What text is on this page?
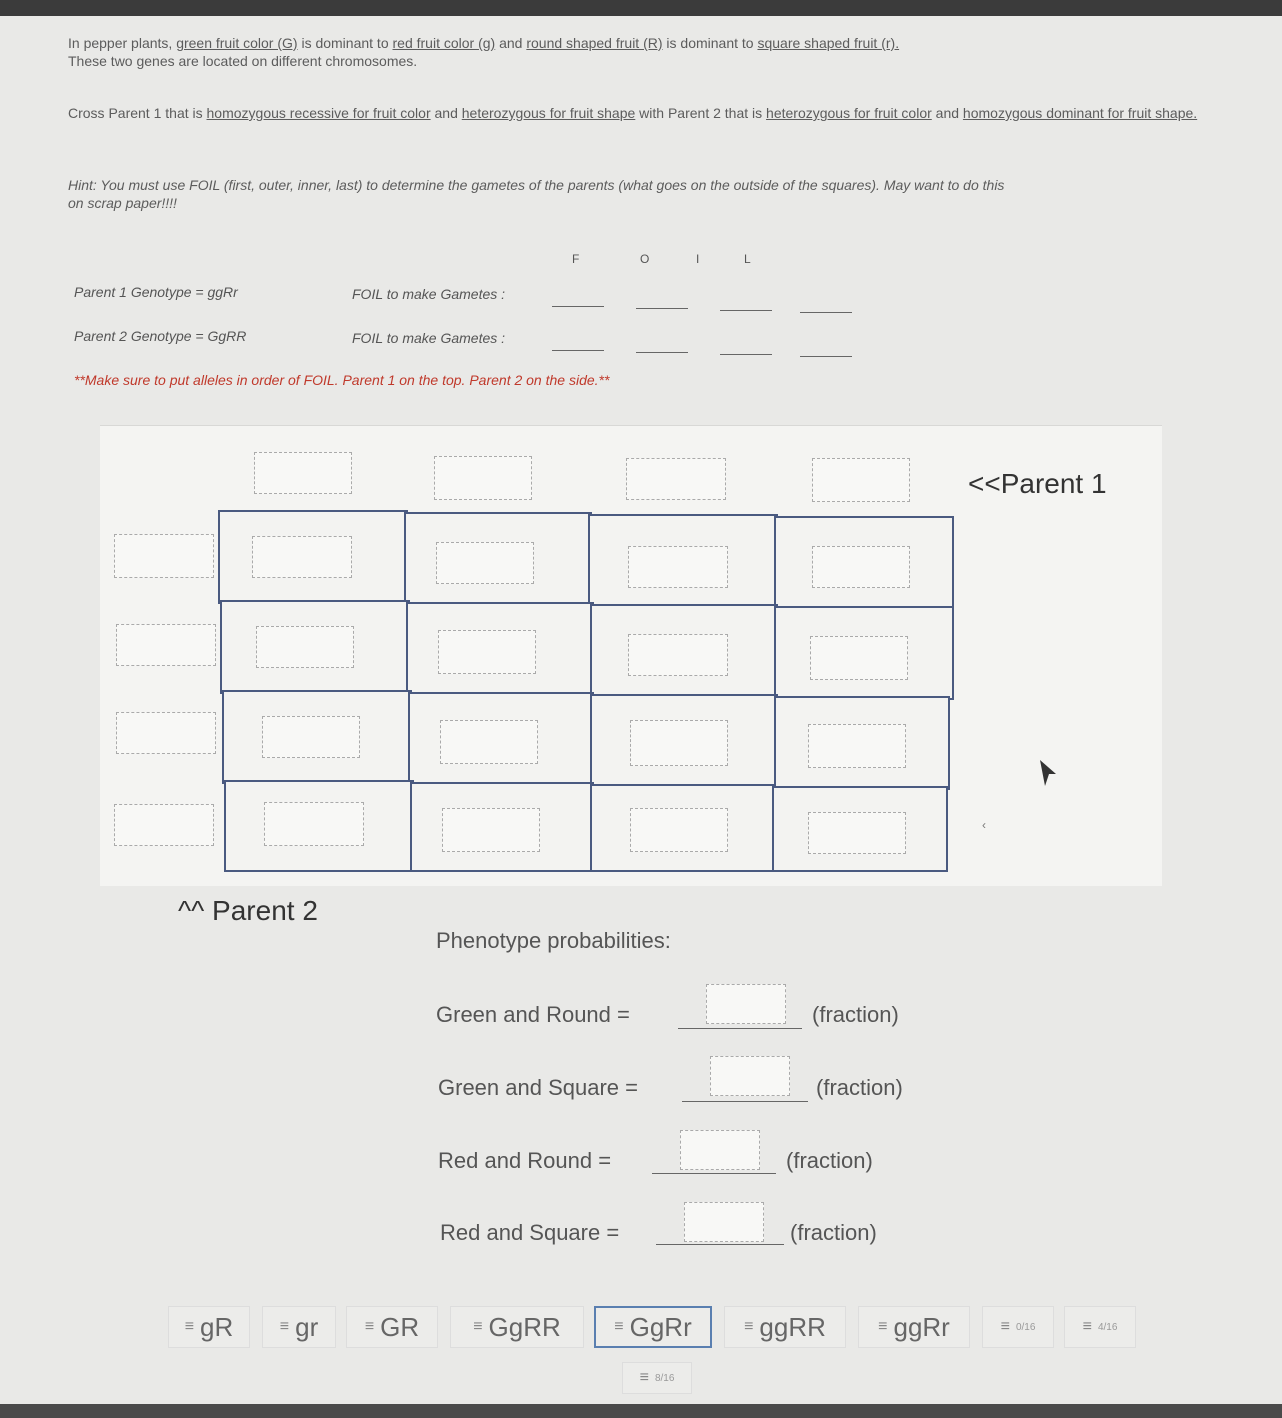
In pepper plants, green fruit color (G) is dominant to red fruit color (g) and round shaped fruit (R) is dominant to square shaped fruit (r).
These two genes are located on different chromosomes.
Cross Parent 1 that is homozygous recessive for fruit color and heterozygous for fruit shape with Parent 2 that is heterozygous for fruit color and homozygous dominant for fruit shape.
Hint: You must use FOIL (first, outer, inner, last) to determine the gametes of the parents (what goes on the outside of the squares). May want to do this
on scrap paper!!!!
F	O	I	L
Parent 1 Genotype = ggRr	FOIL to make Gametes :
Parent 2 Genotype = GgRR	FOIL to make Gametes :
**Make sure to put alleles in order of FOIL. Parent 1 on the top. Parent 2 on the side.**
<<Parent 1
‹
^^ Parent 2
Phenotype probabilities:
Green and Round =	(fraction)
Green and Square =	(fraction)
Red and Round =	(fraction)
Red and Square =	(fraction)
≡ gR	≡ gr	≡ GR	≡ GgRR	≡ GgRr	≡ ggRR	≡ ggRr	≡ 0/16	≡ 4/16
≡ 8/16
